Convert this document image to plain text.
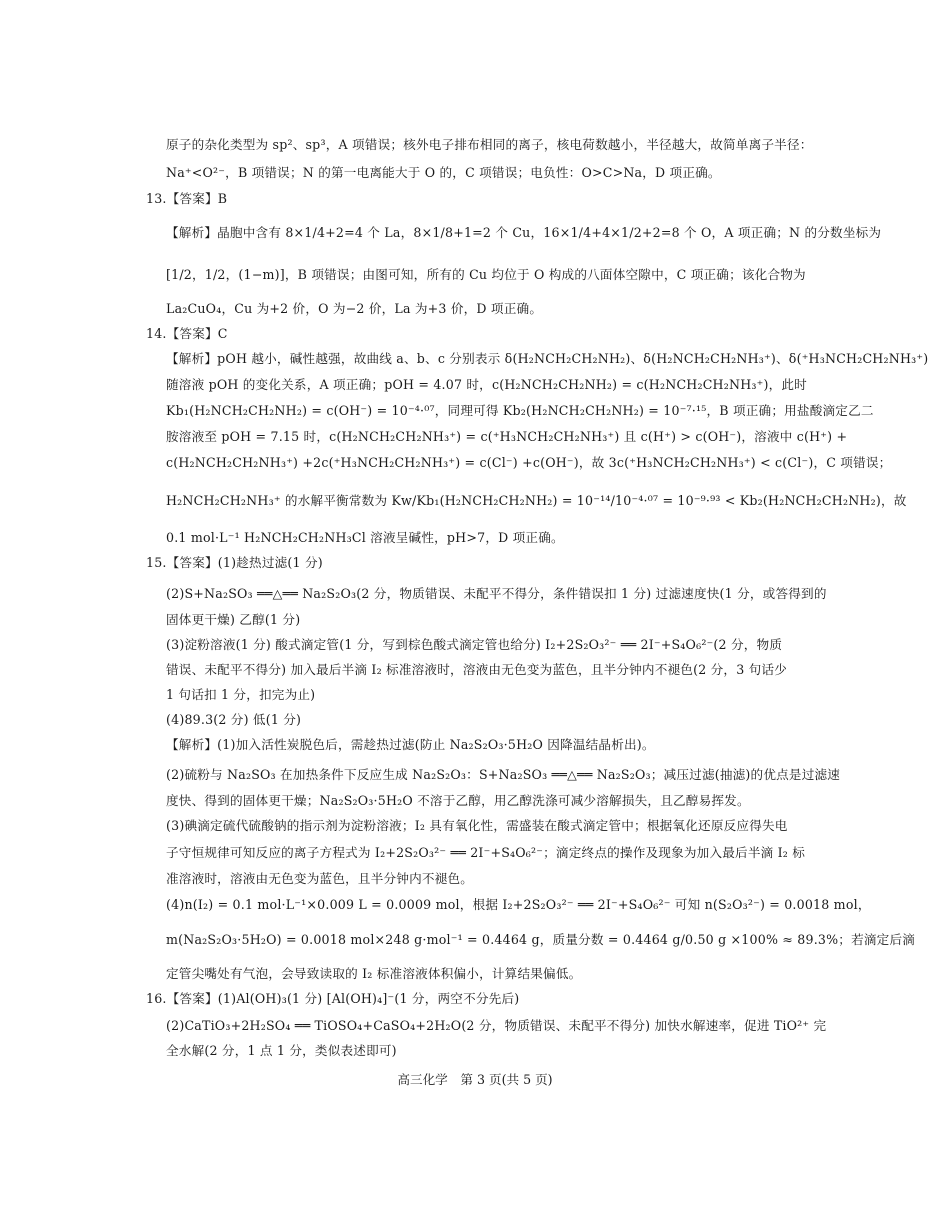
原子的杂化类型为 sp²、sp³，A 项错误；核外电子排布相同的离子，核电荷数越小，半径越大，故简单离子半径：
Na⁺<O²⁻，B 项错误；N 的第一电离能大于 O 的，C 项错误；电负性：O>C>Na，D 项正确。
13.【答案】B
【解析】晶胞中含有 8×1/4+2=4 个 La，8×1/8+1=2 个 Cu，16×1/4+4×1/2+2=8 个 O，A 项正确；N 的分数坐标为
[1/2，1/2，(1−m)]，B 项错误；由图可知，所有的 Cu 均位于 O 构成的八面体空隙中，C 项正确；该化合物为
La₂CuO₄，Cu 为+2 价，O 为−2 价，La 为+3 价，D 项正确。
14.【答案】C
【解析】pOH 越小，碱性越强，故曲线 a、b、c 分别表示 δ(H₂NCH₂CH₂NH₂)、δ(H₂NCH₂CH₂NH₃⁺)、δ(⁺H₃NCH₂CH₂NH₃⁺)
随溶液 pOH 的变化关系，A 项正确；pOH = 4.07 时，c(H₂NCH₂CH₂NH₂) = c(H₂NCH₂CH₂NH₃⁺)，此时
Kb₁(H₂NCH₂CH₂NH₂) = c(OH⁻) = 10⁻⁴·⁰⁷，同理可得 Kb₂(H₂NCH₂CH₂NH₂) = 10⁻⁷·¹⁵，B 项正确；用盐酸滴定乙二
胺溶液至 pOH = 7.15 时，c(H₂NCH₂CH₂NH₃⁺) = c(⁺H₃NCH₂CH₂NH₃⁺) 且 c(H⁺) > c(OH⁻)，溶液中 c(H⁺) +
c(H₂NCH₂CH₂NH₃⁺) +2c(⁺H₃NCH₂CH₂NH₃⁺) = c(Cl⁻) +c(OH⁻)，故 3c(⁺H₃NCH₂CH₂NH₃⁺) < c(Cl⁻)，C 项错误；
H₂NCH₂CH₂NH₃⁺ 的水解平衡常数为 Kw/Kb₁(H₂NCH₂CH₂NH₂) = 10⁻¹⁴/10⁻⁴·⁰⁷ = 10⁻⁹·⁹³ < Kb₂(H₂NCH₂CH₂NH₂)，故
0.1 mol·L⁻¹ H₂NCH₂CH₂NH₃Cl 溶液呈碱性，pH>7，D 项正确。
15.【答案】(1)趁热过滤(1 分)
(2)S+Na₂SO₃ ══△══ Na₂S₂O₃(2 分，物质错误、未配平不得分，条件错误扣 1 分) 过滤速度快(1 分，或答得到的
固体更干燥) 乙醇(1 分)
(3)淀粉溶液(1 分) 酸式滴定管(1 分，写到棕色酸式滴定管也给分) I₂+2S₂O₃²⁻ ══ 2I⁻+S₄O₆²⁻(2 分，物质
错误、未配平不得分) 加入最后半滴 I₂ 标准溶液时，溶液由无色变为蓝色，且半分钟内不褪色(2 分，3 句话少
1 句话扣 1 分，扣完为止)
(4)89.3(2 分) 低(1 分)
【解析】(1)加入活性炭脱色后，需趁热过滤(防止 Na₂S₂O₃·5H₂O 因降温结晶析出)。
(2)硫粉与 Na₂SO₃ 在加热条件下反应生成 Na₂S₂O₃：S+Na₂SO₃ ══△══ Na₂S₂O₃；减压过滤(抽滤)的优点是过滤速
度快、得到的固体更干燥；Na₂S₂O₃·5H₂O 不溶于乙醇，用乙醇洗涤可减少溶解损失，且乙醇易挥发。
(3)碘滴定硫代硫酸钠的指示剂为淀粉溶液；I₂ 具有氧化性，需盛装在酸式滴定管中；根据氧化还原反应得失电
子守恒规律可知反应的离子方程式为 I₂+2S₂O₃²⁻ ══ 2I⁻+S₄O₆²⁻；滴定终点的操作及现象为加入最后半滴 I₂ 标
准溶液时，溶液由无色变为蓝色，且半分钟内不褪色。
(4)n(I₂) = 0.1 mol·L⁻¹×0.009 L = 0.0009 mol，根据 I₂+2S₂O₃²⁻ ══ 2I⁻+S₄O₆²⁻ 可知 n(S₂O₃²⁻) = 0.0018 mol，
m(Na₂S₂O₃·5H₂O) = 0.0018 mol×248 g·mol⁻¹ = 0.4464 g，质量分数 = 0.4464 g/0.50 g ×100% ≈ 89.3%；若滴定后滴
定管尖嘴处有气泡，会导致读取的 I₂ 标准溶液体积偏小，计算结果偏低。
16.【答案】(1)Al(OH)₃(1 分) [Al(OH)₄]⁻(1 分，两空不分先后)
(2)CaTiO₃+2H₂SO₄ ══ TiOSO₄+CaSO₄+2H₂O(2 分，物质错误、未配平不得分) 加快水解速率，促进 TiO²⁺ 完
全水解(2 分，1 点 1 分，类似表述即可)
高三化学　第 3 页(共 5 页)
